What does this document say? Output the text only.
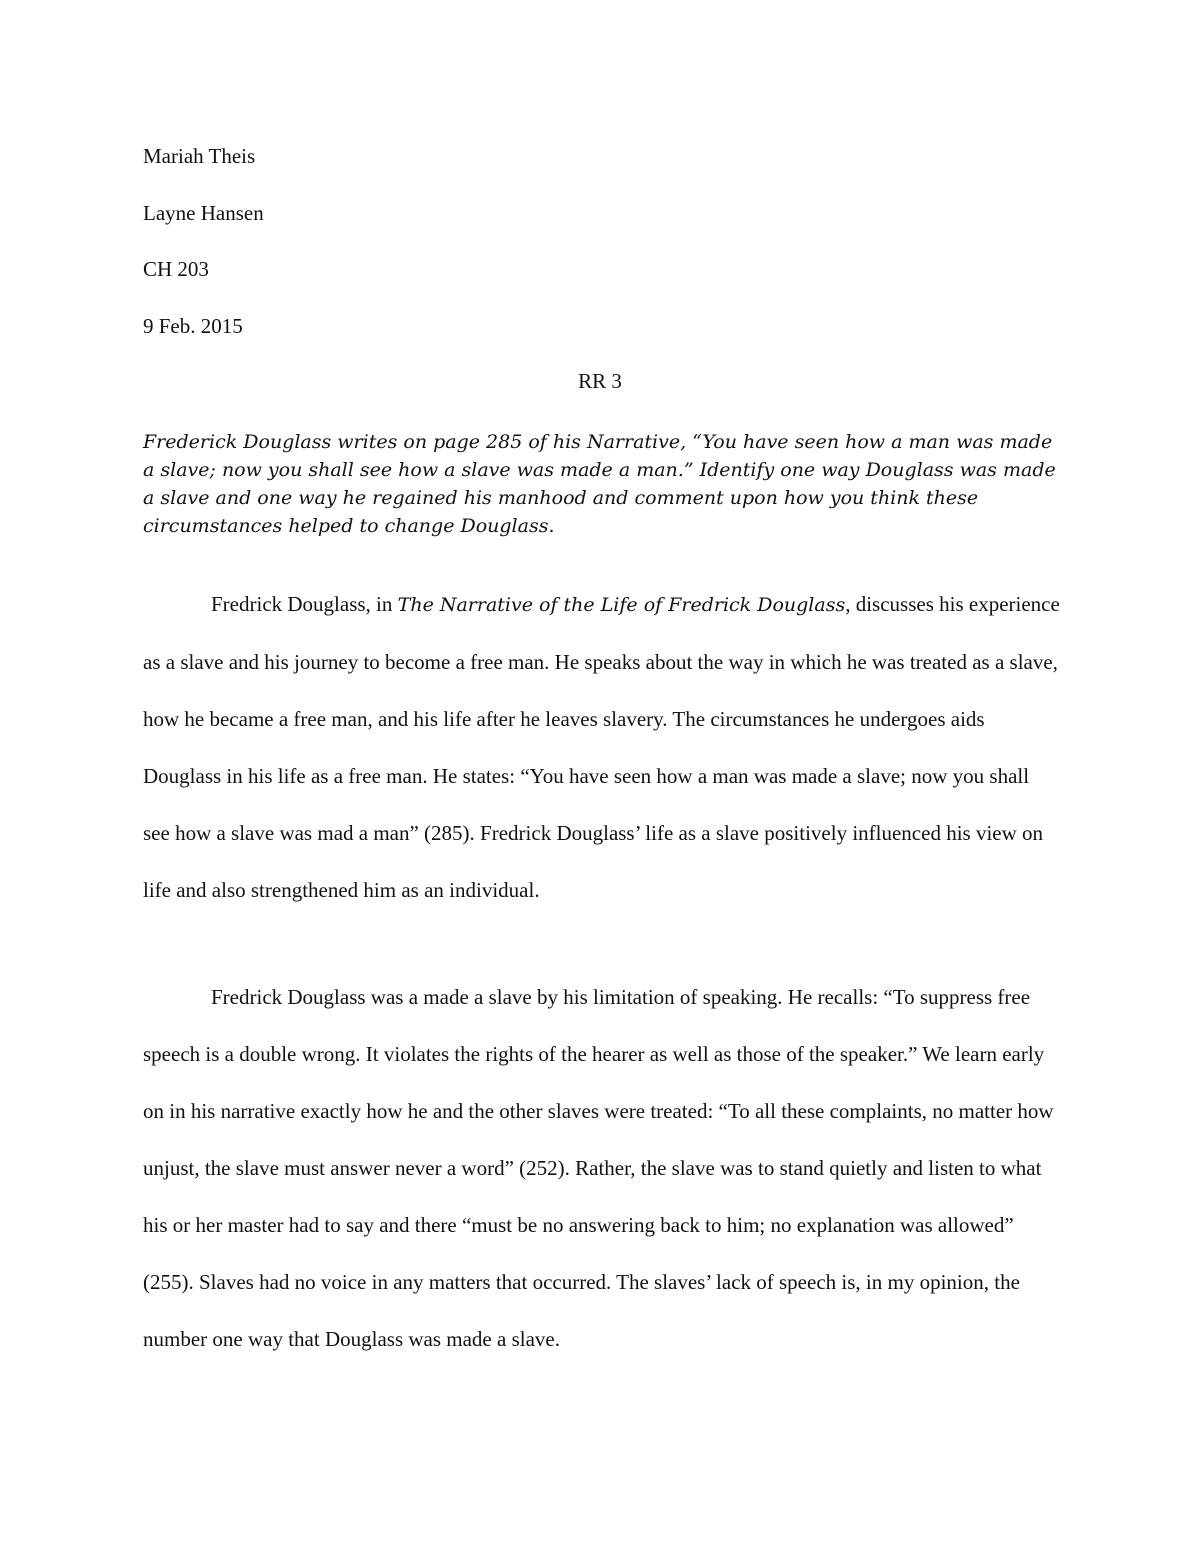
Mariah Theis

Layne Hansen

CH 203

9 Feb. 2015

RR 3

Frederick Douglass writes on page 285 of his Narrative, “You have seen how a man was made a slave; now you shall see how a slave was made a man.” Identify one way Douglass was made a slave and one way he regained his manhood and comment upon how you think these circumstances helped to change Douglass.

Fredrick Douglass, in The Narrative of the Life of Fredrick Douglass, discusses his experience as a slave and his journey to become a free man. He speaks about the way in which he was treated as a slave, how he became a free man, and his life after he leaves slavery. The circumstances he undergoes aids Douglass in his life as a free man. He states: “You have seen how a man was made a slave; now you shall see how a slave was mad a man” (285). Fredrick Douglass’ life as a slave positively influenced his view on life and also strengthened him as an individual.

Fredrick Douglass was a made a slave by his limitation of speaking. He recalls: “To suppress free speech is a double wrong. It violates the rights of the hearer as well as those of the speaker.” We learn early on in his narrative exactly how he and the other slaves were treated: “To all these complaints, no matter how unjust, the slave must answer never a word” (252). Rather, the slave was to stand quietly and listen to what his or her master had to say and there “must be no answering back to him; no explanation was allowed” (255). Slaves had no voice in any matters that occurred. The slaves’ lack of speech is, in my opinion, the number one way that Douglass was made a slave.
